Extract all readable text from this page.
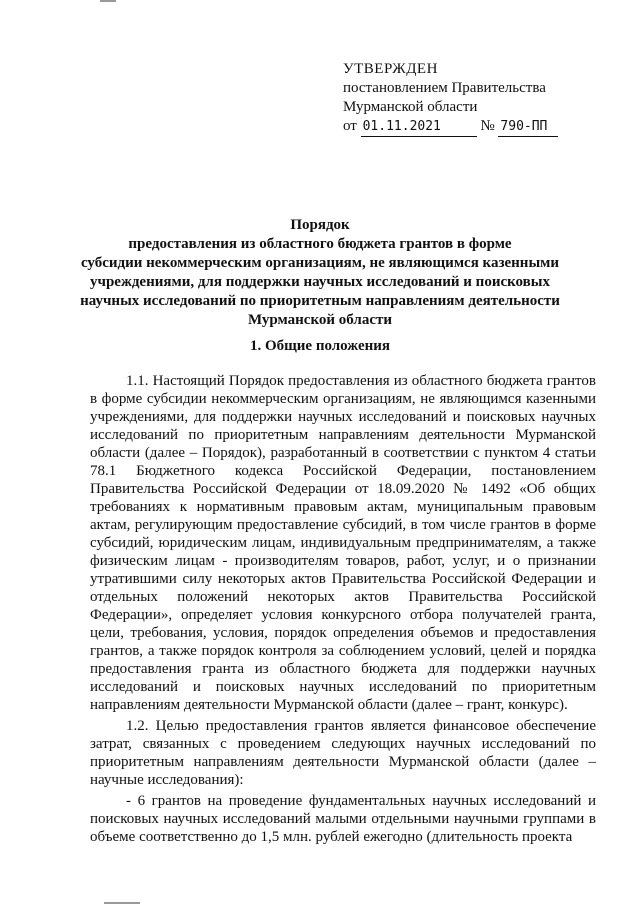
УТВЕРЖДЕН
постановлением Правительства
Мурманской области
от 01.11.2021	№ 790-ПП
Порядок
предоставления из областного бюджета грантов в форме
субсидии некоммерческим организациям, не являющимся казенными
учреждениями, для поддержки научных исследований и поисковых
научных исследований по приоритетным направлениям деятельности
Мурманской области
1. Общие положения

1.1. Настоящий Порядок предоставления из областного бюджета грантов в форме субсидии некоммерческим организациям, не являющимся казенными учреждениями, для поддержки научных исследований и поисковых научных исследований по приоритетным направлениям деятельности Мурманской области (далее – Порядок), разработанный в соответствии с пунктом 4 статьи 78.1 Бюджетного кодекса Российской Федерации, постановлением Правительства Российской Федерации от 18.09.2020 № 1492 «Об общих требованиях к нормативным правовым актам, муниципальным правовым актам, регулирующим предоставление субсидий, в том числе грантов в форме субсидий, юридическим лицам, индивидуальным предпринимателям, а также физическим лицам - производителям товаров, работ, услуг, и о признании утратившими силу некоторых актов Правительства Российской Федерации и отдельных положений некоторых актов Правительства Российской Федерации», определяет условия конкурсного отбора получателей гранта, цели, требования, условия, порядок определения объемов и предоставления грантов, а также порядок контроля за соблюдением условий, целей и порядка предоставления гранта из областного бюджета для поддержки научных исследований и поисковых научных исследований по приоритетным направлениям деятельности Мурманской области (далее – грант, конкурс).

1.2. Целью предоставления грантов является финансовое обеспечение затрат, связанных с проведением следующих научных исследований по приоритетным направлениям деятельности Мурманской области (далее – научные исследования):

- 6 грантов на проведение фундаментальных научных исследований и поисковых научных исследований малыми отдельными научными группами в объеме соответственно до 1,5 млн. рублей ежегодно (длительность проекта
